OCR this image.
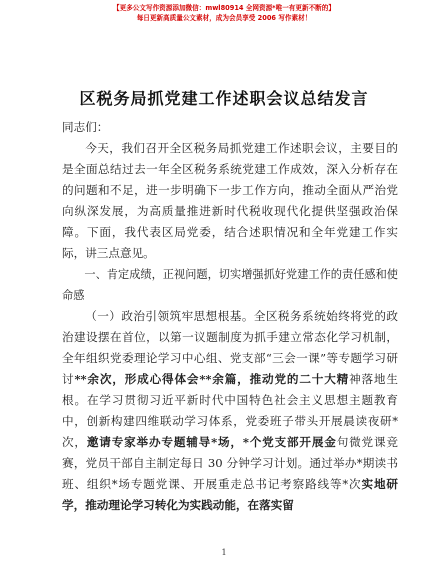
【更多公文写作资源添加微信：mwl80914 全网资源*唯一有更新不断的】
每日更新高质量公文素材，成为会员享受 2006 写作素材！
区税务局抓党建工作述职会议总结发言

同志们：

今天，我们召开全区税务局抓党建工作述职会议，主要目的是全面总结过去一年全区税务系统党建工作成效，深入分析存在的问题和不足，进一步明确下一步工作方向，推动全面从严治党向纵深发展，为高质量推进新时代税收现代化提供坚强政治保障。下面，我代表区局党委，结合述职情况和全年党建工作实际，讲三点意见。

一、肯定成绩，正视问题，切实增强抓好党建工作的责任感和使命感

（一）政治引领筑牢思想根基。全区税务系统始终将党的政治建设摆在首位，以第一议题制度为抓手建立常态化学习机制，全年组织党委理论学习中心组、党支部“三会一课”等专题学习研讨**余次，形成心得体会**余篇，推动党的二十大精神落地生根。在学习贯彻习近平新时代中国特色社会主义思想主题教育中，创新构建四维联动学习体系，党委班子带头开展晨读夜研*次，邀请专家举办专题辅导*场，*个党支部开展金句微党课竞赛，党员干部自主制定每日 30 分钟学习计划。通过举办*期读书班、组织*场专题党课、开展重走总书记考察路线等*次实地研学，推动理论学习转化为实践动能，在落实留

1
